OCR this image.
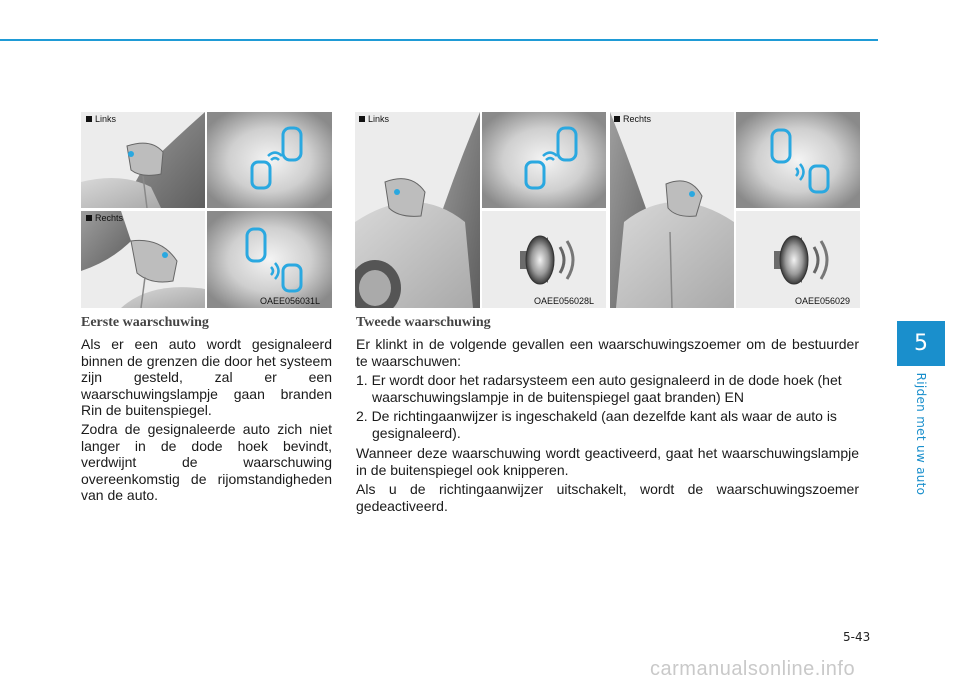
Links
Rechts
OAEE056031L
Links
OAEE056028L
Rechts
OAEE056029
Eerste waarschuwing

Als er een auto wordt gesignaleerd binnen de grenzen die door het systeem zijn gesteld, zal er een waarschuwingslampje gaan branden Rin de buitenspiegel.

Zodra de gesignaleerde auto zich niet langer in de dode hoek bevindt, verdwijnt de waarschuwing overeenkomstig de rijomstandigheden van de auto.

Tweede waarschuwing

Er klinkt in de volgende gevallen een waarschuwingszoemer om de bestuurder te waarschuwen:

1. Er wordt door het radarsysteem een auto gesignaleerd in de dode hoek (het waarschuwingslampje in de buitenspiegel gaat branden) EN

2. De richtingaanwijzer is ingeschakeld (aan dezelfde kant als waar de auto is gesignaleerd).

Wanneer deze waarschuwing wordt geactiveerd, gaat het waarschuwingslampje in de buitenspiegel ook knipperen.

Als u de richtingaanwijzer uitschakelt, wordt de waarschuwingszoemer gedeactiveerd.

5
Rijden met uw auto
5-43
carmanualsonline.info
